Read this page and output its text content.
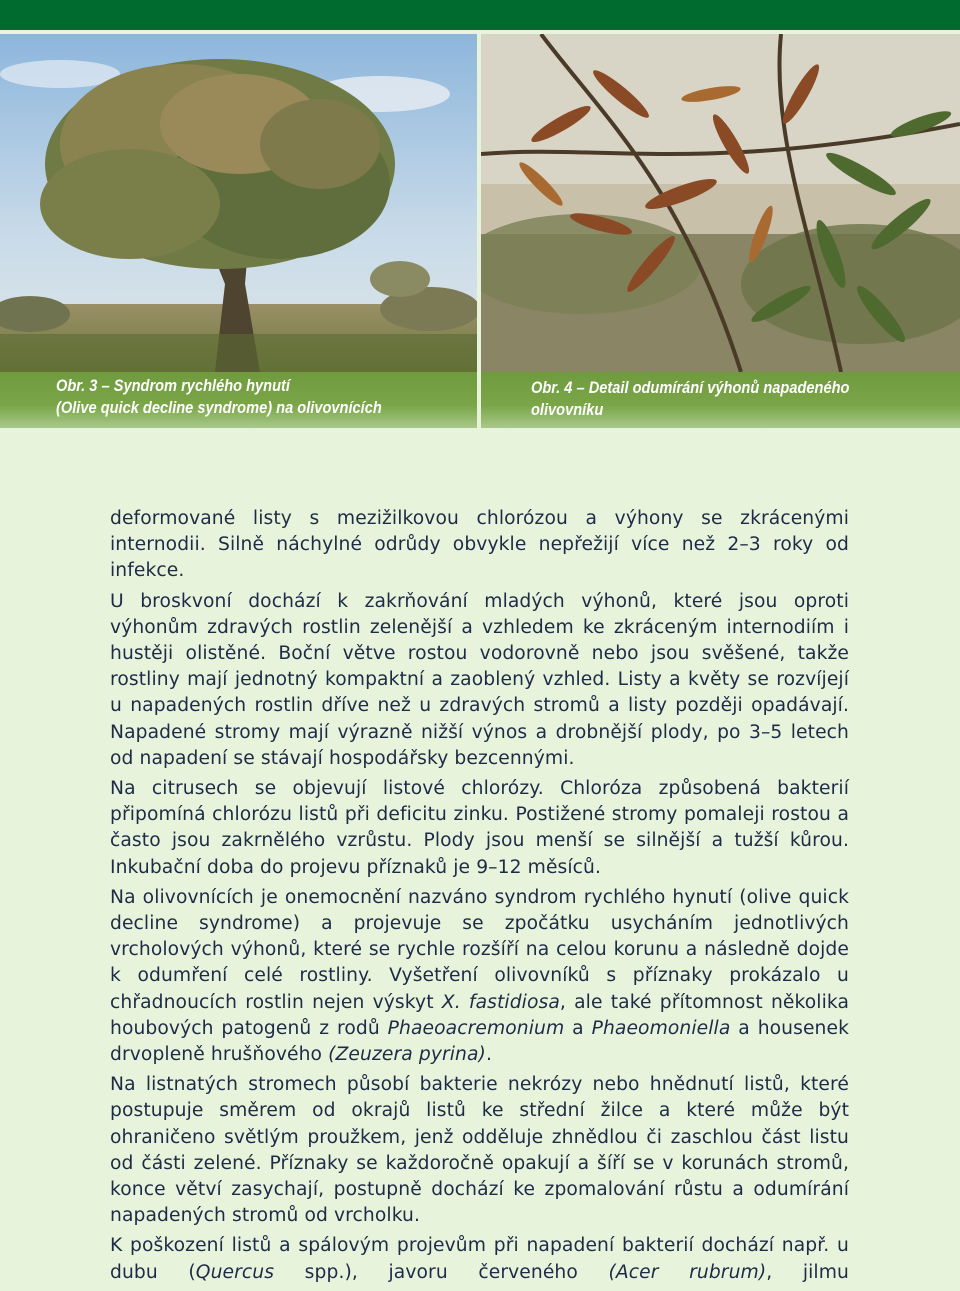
Obr. 3 – Syndrom rychlého hynutí
(Olive quick decline syndrome) na olivovnících
Obr. 4 – Detail odumírání výhonů napadeného
olivovníku

deformované listy s mezižilkovou chlorózou a výhony se zkrácenými internodii. Silně náchylné odrůdy obvykle nepřežijí více než 2–3 roky od infekce.

U broskvoní dochází k zakrňování mladých výhonů, které jsou oproti výhonům zdravých rostlin zelenější a vzhledem ke zkráceným internodiím i hustěji olistěné. Boční větve rostou vodorovně nebo jsou svěšené, takže rostliny mají jednotný kompaktní a zaoblený vzhled. Listy a květy se rozvíjejí u napadených rostlin dříve než u zdravých stromů a listy později opadávají. Napadené stromy mají výrazně nižší výnos a drobnější plody, po 3–5 letech od napadení se stávají hospodářsky bezcennými.

Na citrusech se objevují listové chlorózy. Chloróza způsobená bakterií připomíná chlorózu listů při deficitu zinku. Postižené stromy pomaleji rostou a často jsou zakrnělého vzrůstu. Plody jsou menší se silnější a tužší kůrou. Inkubační doba do projevu příznaků je 9–12 měsíců.

Na olivovnících je onemocnění nazváno syndrom rychlého hynutí (olive quick decline syndrome) a projevuje se zpočátku usycháním jednotlivých vrcholových výhonů, které se rychle rozšíří na celou korunu a následně dojde k odumření celé rostliny. Vyšetření olivovníků s příznaky prokázalo u chřadnoucích rostlin nejen výskyt X. fastidiosa, ale také přítomnost několika houbových patogenů z rodů Phaeoacremonium a Phaeomoniella a housenek drvopleně hrušňového (Zeuzera pyrina).

Na listnatých stromech působí bakterie nekrózy nebo hnědnutí listů, které postupuje směrem od okrajů listů ke střední žilce a které může být ohraničeno světlým proužkem, jenž odděluje zhnědlou či zaschlou část listu od části zelené. Příznaky se každoročně opakují a šíří se v korunách stromů, konce větví zasychají, postupně dochází ke zpomalování růstu a odumírání napadených stromů od vrcholku.

K poškození listů a spálovým projevům při napadení bakterií dochází např. u dubu (Quercus spp.), javoru červeného (Acer rubrum), jilmu
